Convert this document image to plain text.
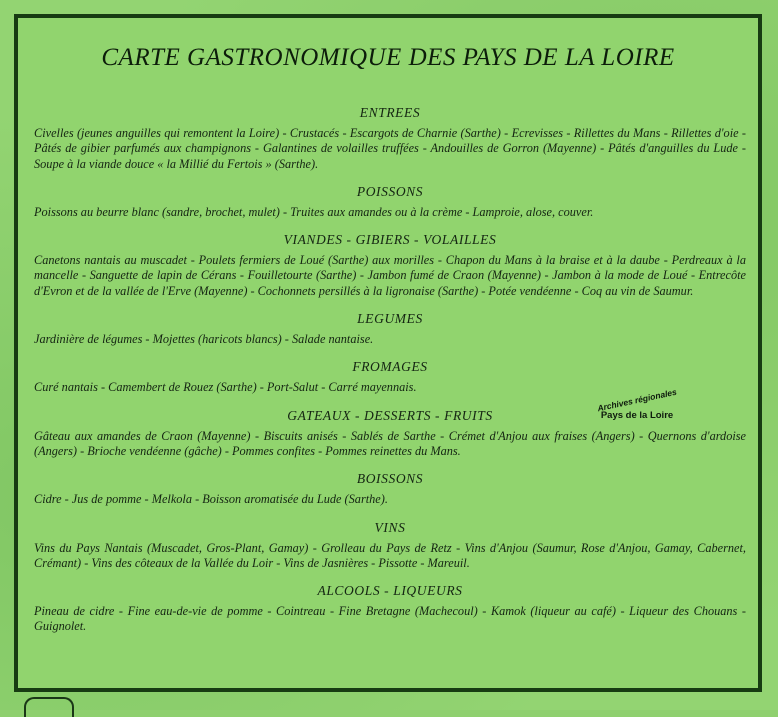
CARTE GASTRONOMIQUE DES PAYS DE LA LOIRE
ENTREES

Civelles (jeunes anguilles qui remontent la Loire) - Crustacés - Escargots de Charnie (Sarthe) - Ecrevisses - Rillettes du Mans - Rillettes d'oie - Pâtés de gibier parfumés aux champignons - Galantines de volailles truffées - Andouilles de Gorron (Mayenne) - Pâtés d'anguilles du Lude - Soupe à la viande douce « la Millié du Fertois » (Sarthe).

POISSONS

Poissons au beurre blanc (sandre, brochet, mulet) - Truites aux amandes ou à la crème - Lamproie, alose, couver.

VIANDES - GIBIERS - VOLAILLES

Canetons nantais au muscadet - Poulets fermiers de Loué (Sarthe) aux morilles - Chapon du Mans à la braise et à la daube - Perdreaux à la mancelle - Sanguette de lapin de Cérans - Fouilletourte (Sarthe) - Jambon fumé de Craon (Mayenne) - Jambon à la mode de Loué - Entrecôte d'Evron et de la vallée de l'Erve (Mayenne) - Cochonnets persillés à la ligronaise (Sarthe) - Potée vendéenne - Coq au vin de Saumur.

LEGUMES

Jardinière de légumes - Mojettes (haricots blancs) - Salade nantaise.

FROMAGES

Curé nantais - Camembert de Rouez (Sarthe) - Port-Salut - Carré mayennais.

GATEAUX - DESSERTS - FRUITS

Gâteau aux amandes de Craon (Mayenne) - Biscuits anisés - Sablés de Sarthe - Crémet d'Anjou aux fraises (Angers) - Quernons d'ardoise (Angers) - Brioche vendéenne (gâche) - Pommes confites - Pommes reinettes du Mans.

BOISSONS

Cidre - Jus de pomme - Melkola - Boisson aromatisée du Lude (Sarthe).

VINS

Vins du Pays Nantais (Muscadet, Gros-Plant, Gamay) - Grolleau du Pays de Retz - Vins d'Anjou (Saumur, Rose d'Anjou, Gamay, Cabernet, Crémant) - Vins des côteaux de la Vallée du Loir - Vins de Jasnières - Pissotte - Mareuil.

ALCOOLS - LIQUEURS

Pineau de cidre - Fine eau-de-vie de pomme - Cointreau - Fine Bretagne (Machecoul) - Kamok (liqueur au café) - Liqueur des Chouans - Guignolet.

Archives régionales
Pays de la Loire
